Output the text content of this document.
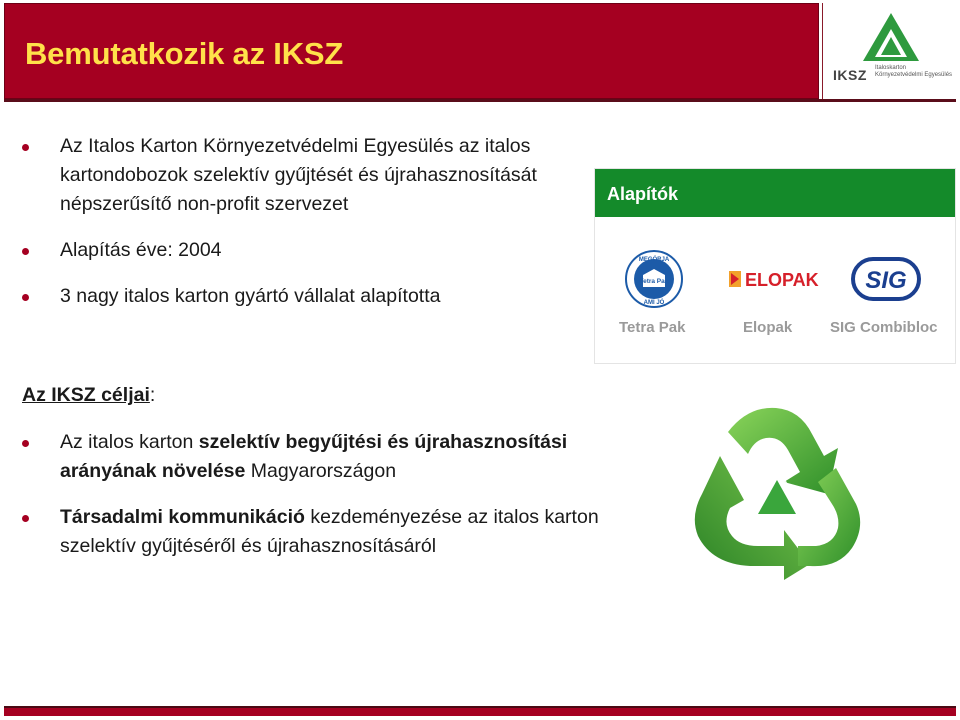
Bemutatkozik az IKSZ
IKSZ Italoskarton
Környezetvédelmi Egyesülés
Az Italos Karton Környezetvédelmi Egyesülés az italos kartondobozok szelektív gyűjtését és újrahasznosítását népszerűsítő non-profit szervezet
Alapítás éve: 2004
3 nagy italos karton gyártó vállalat alapította
Alapítók
MEGÓRJA
Tetra Pak
AMI JÓ
ELOPAK SIG
Tetra Pak	Elopak	SIG Combibloc
Az IKSZ céljai:
Az italos karton szelektív begyűjtési és újrahasznosítási arányának növelése Magyarországon
Társadalmi kommunikáció kezdeményezése az italos karton szelektív gyűjtéséről és újrahasznosításáról
